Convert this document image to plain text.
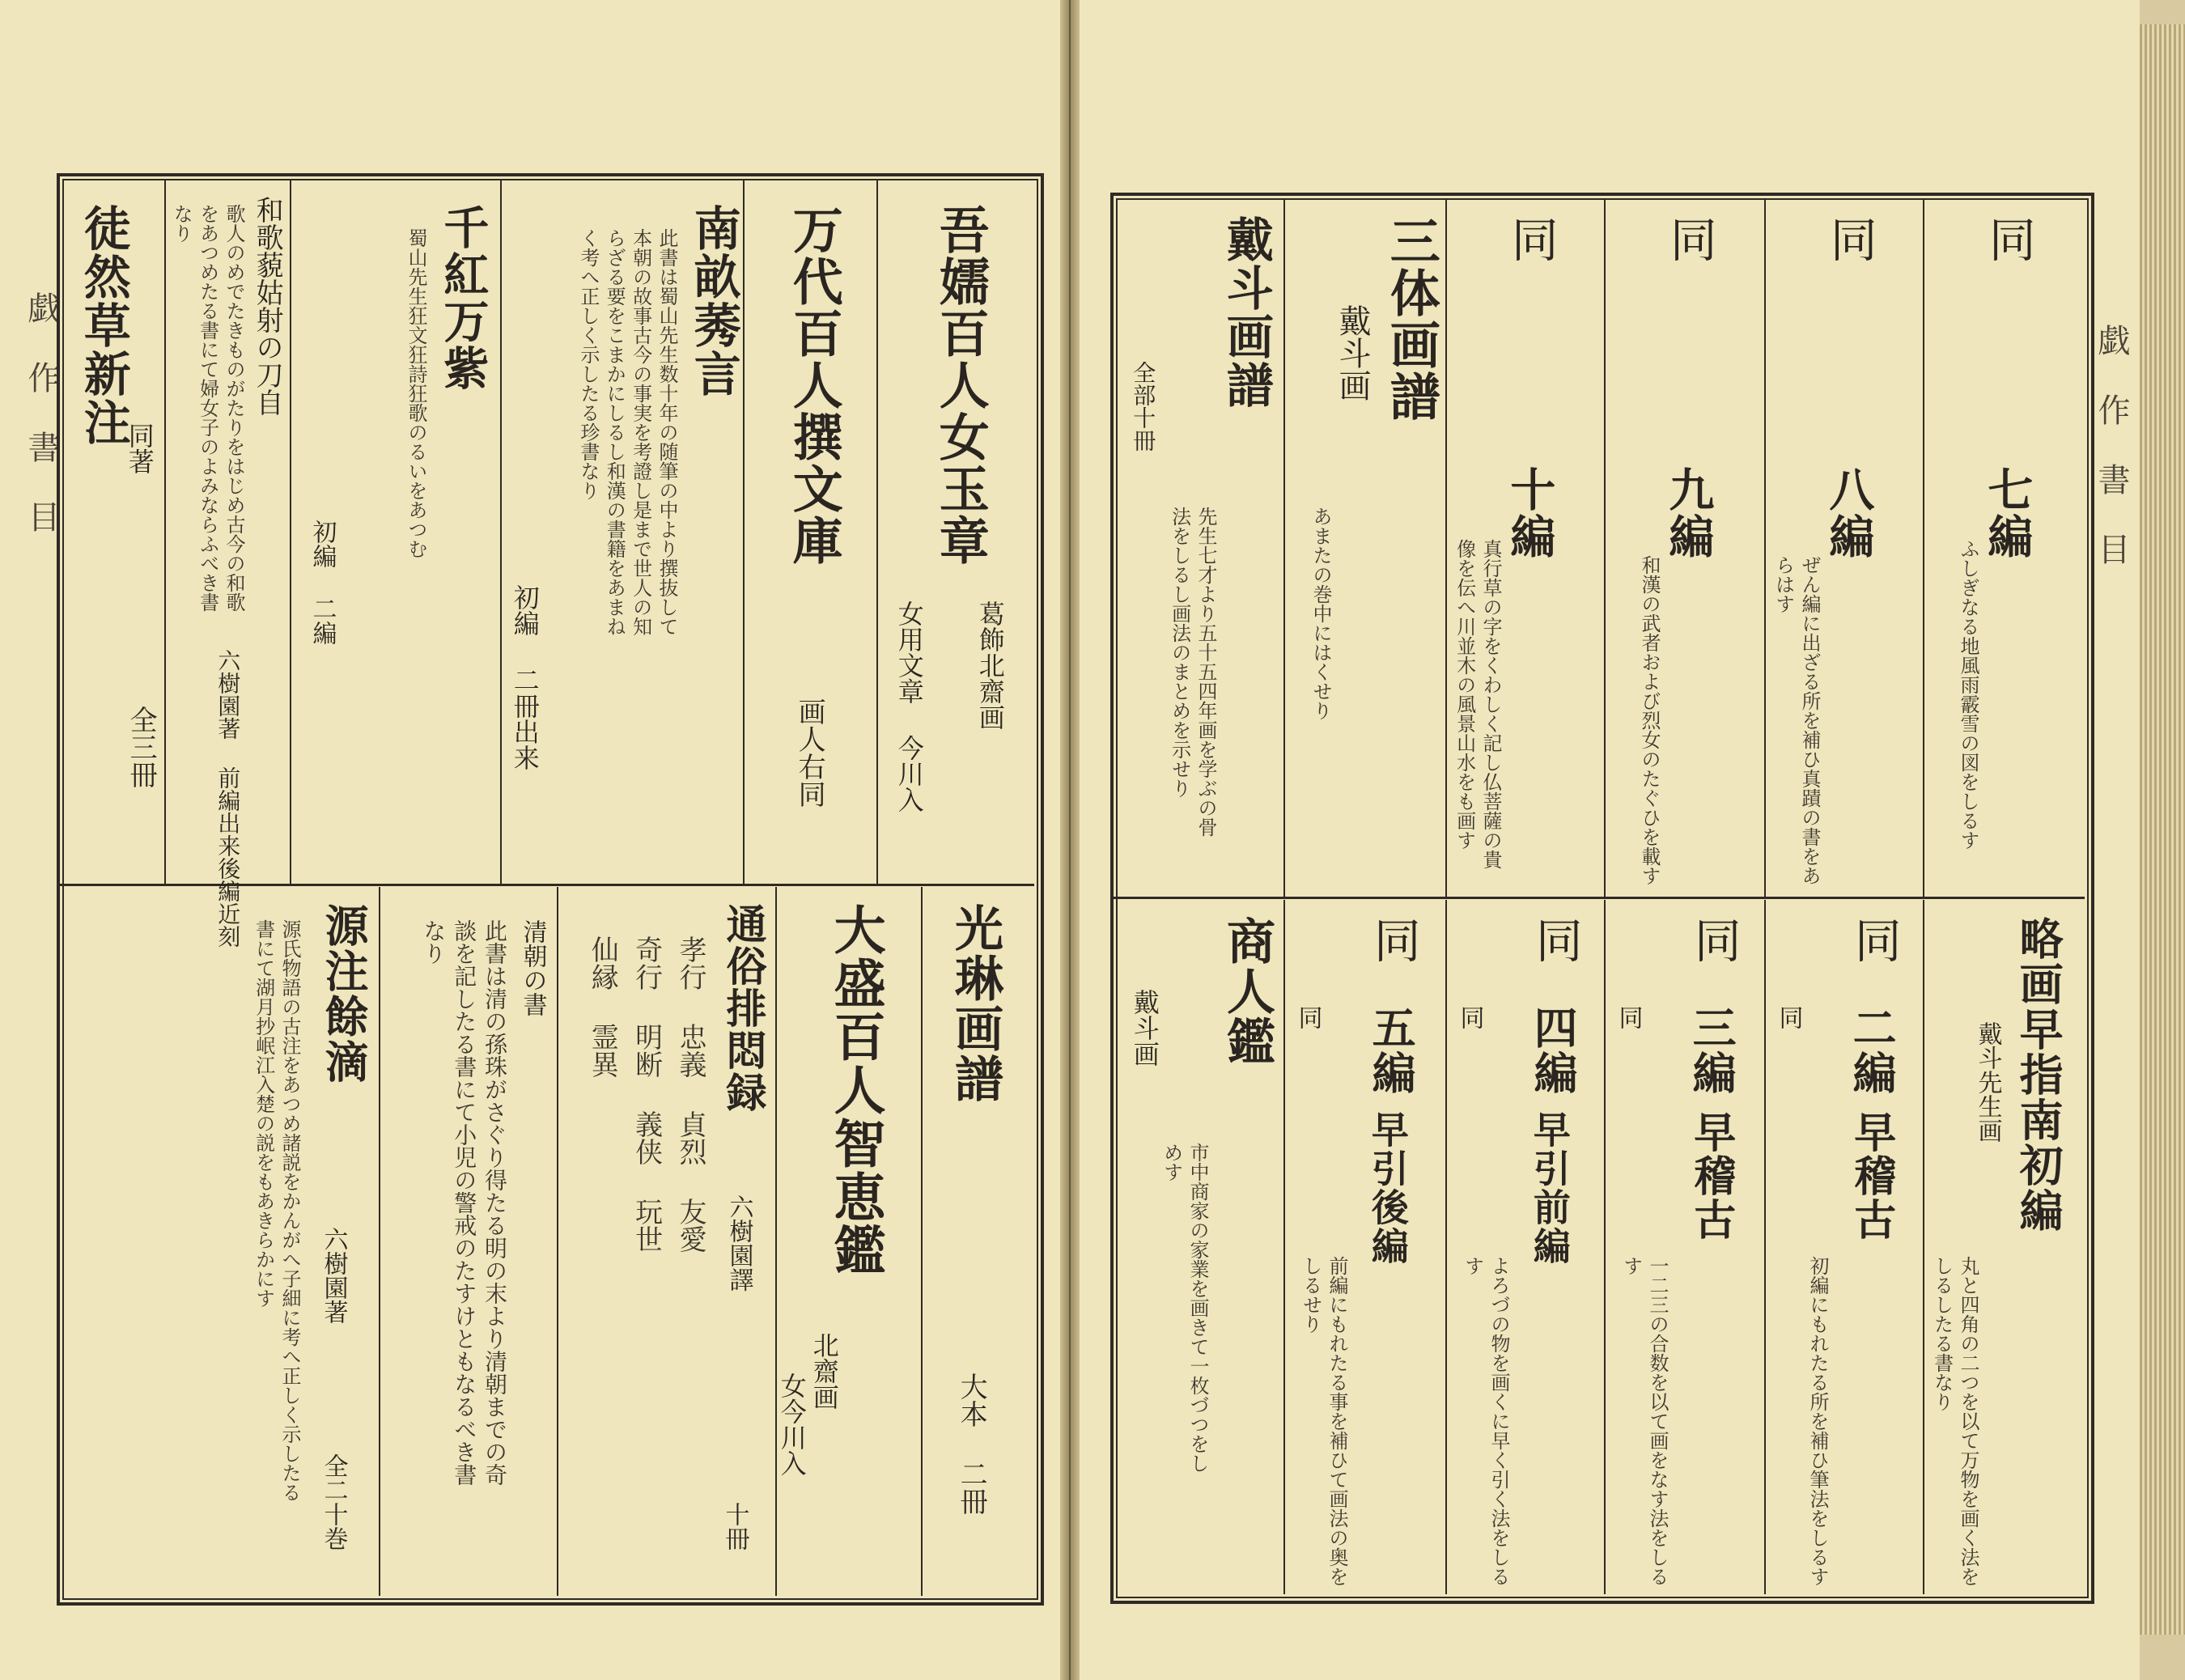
戯 作 書 目	吾嬬百人女玉章
葛飾北齋画
女用文章 今川入
万代百人撰文庫
画人右同
南畝莠言
初編 二冊出来
此書は蜀山先生数十年の随筆の中より撰抜して本朝の故事古今の事実を考證し是まで世人の知らざる要をこまかにしるし和漢の書籍をあまねく考へ正しく示したる珍書なり
千紅万紫
初編 二編
蜀山先生狂文狂詩狂歌のるいをあつむ
和歌藐姑射の刀自
歌人のめでたきものがたりをはじめ古今の和歌をあつめたる書にて婦女子のよみならふべき書なり
六樹園著 前編出来後編近刻
徒然草新注
同著
全三冊
光琳画譜
大本 二冊
大盛百人智恵鑑
北齋画
女今川入
通俗排悶録
六樹園譯
十冊
孝行 忠義 貞烈 友愛 奇行 明断 義侠 玩世 仙縁 霊異
清朝の書
此書は清の孫珠がさぐり得たる明の末より清朝までの奇談を記したる書にて小児の警戒のたすけともなるべき書なり
源注餘滴
六樹園著
全二十巻
源氏物語の古注をあつめ諸説をかんがへ子細に考へ正しく示したる書にて湖月抄岷江入楚の説をもあきらかにす
戯 作 書 目
同
七編
ふしぎなる地風雨霰雪の図をしるす
同
八編
ぜん編に出ざる所を補ひ真蹟の書をあらはす
同
九編
和漢の武者および烈女のたぐひを載す
同
十編
真行草の字をくわしく記し仏菩薩の貴像を伝へ川並木の風景山水をも画す
三体画譜
戴斗画
あまたの巻中にはくせり
戴斗画譜
全部十冊
先生七才より五十五四年画を学ぶの骨法をしるし画法のまとめを示せり
略画早指南初編
戴斗先生画
丸と四角の二つを以て万物を画く法をしるしたる書なり
同
二編
早稽古
同
初編にもれたる所を補ひ筆法をしるす
同
三編
早稽古
同
一二三の合数を以て画をなす法をしるす
同
四編
早引前編
同
よろづの物を画くに早く引く法をしるす
同
五編
早引後編
同
前編にもれたる事を補ひて画法の奥をしるせり
商人鑑
戴斗画
市中商家の家業を画きて一枚づつをしめす
